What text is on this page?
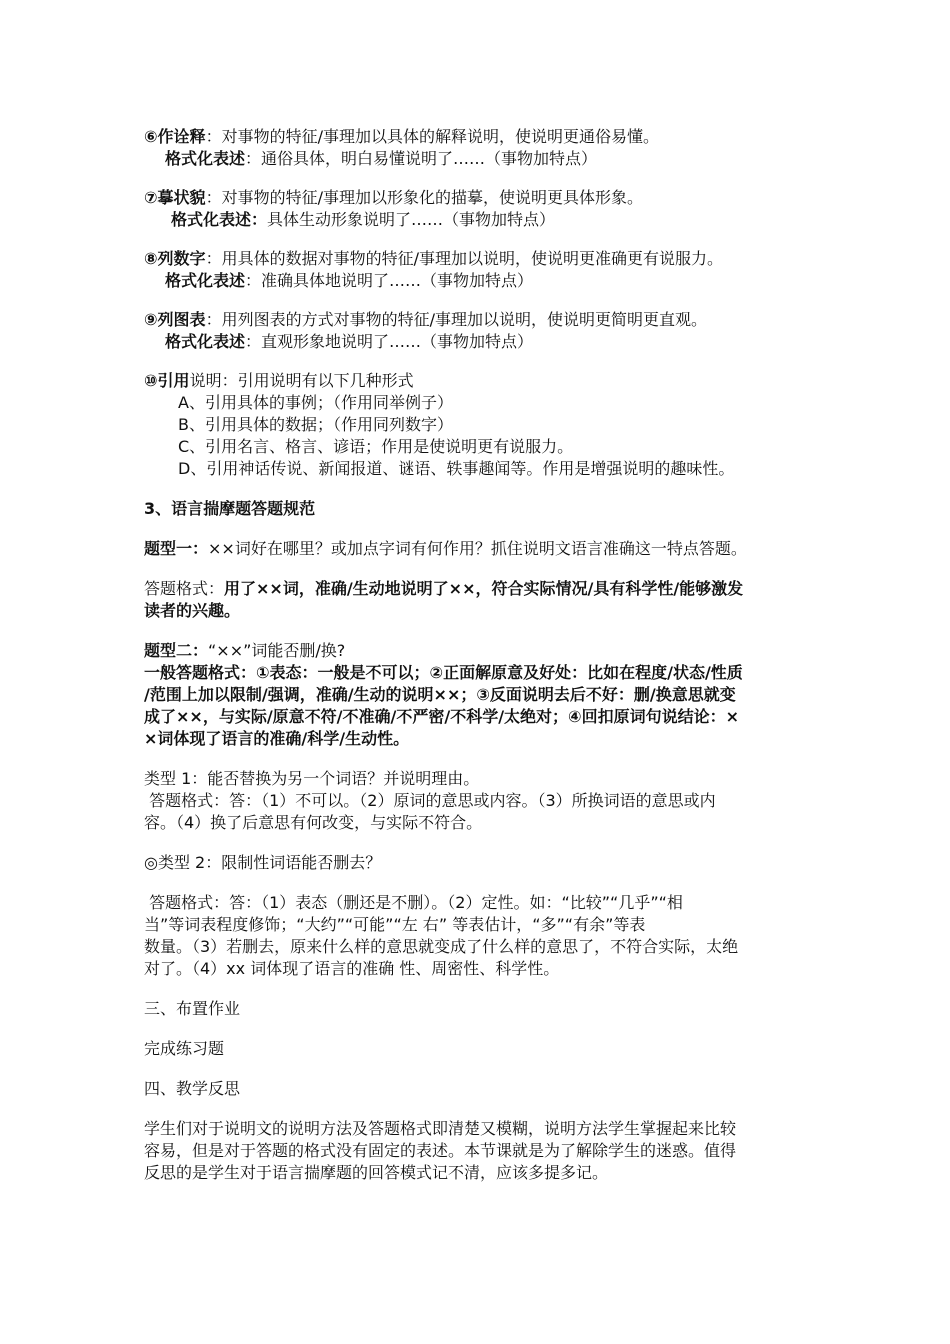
⑥作诠释：对事物的特征/事理加以具体的解释说明，使说明更通俗易懂。
格式化表述：通俗具体，明白易懂说明了……（事物加特点）
⑦摹状貌：对事物的特征/事理加以形象化的描摹，使说明更具体形象。
格式化表述：具体生动形象说明了……（事物加特点）
⑧列数字：用具体的数据对事物的特征/事理加以说明，使说明更准确更有说服力。
格式化表述：准确具体地说明了……（事物加特点）
⑨列图表：用列图表的方式对事物的特征/事理加以说明，使说明更简明更直观。
格式化表述：直观形象地说明了……（事物加特点）
⑩引用说明：引用说明有以下几种形式
A、引用具体的事例；（作用同举例子）
B、引用具体的数据；（作用同列数字）
C、引用名言、格言、谚语；作用是使说明更有说服力。
D、引用神话传说、新闻报道、谜语、轶事趣闻等。作用是增强说明的趣味性。
3、语言揣摩题答题规范
题型一：××词好在哪里？或加点字词有何作用？抓住说明文语言准确这一特点答题。
答题格式：用了××词，准确/生动地说明了××，符合实际情况/具有科学性/能够激发
读者的兴趣。
题型二：“××”词能否删/换?
一般答题格式：①表态：一般是不可以；②正面解原意及好处：比如在程度/状态/性质
/范围上加以限制/强调，准确/生动的说明××；③反面说明去后不好：删/换意思就变
成了××，与实际/原意不符/不准确/不严密/不科学/太绝对；④回扣原词句说结论：×
×词体现了语言的准确/科学/生动性。
类型 1：能否替换为另一个词语？并说明理由。
答题格式：答：（1）不可以。（2）原词的意思或内容。（3）所换词语的意思或内
容。（4）换了后意思有何改变，与实际不符合。
◎类型 2：限制性词语能否删去？
答题格式：答：（1）表态（删还是不删）。（2）定性。如：“比较”“几乎”“相
当”等词表程度修饰；“大约”“可能”“左 右” 等表估计，“多”“有余”等表
数量。（3）若删去，原来什么样的意思就变成了什么样的意思了，不符合实际，太绝
对了。（4）xx 词体现了语言的准确 性、周密性、科学性。
三、布置作业
完成练习题
四、教学反思
学生们对于说明文的说明方法及答题格式即清楚又模糊，说明方法学生掌握起来比较
容易，但是对于答题的格式没有固定的表述。本节课就是为了解除学生的迷惑。值得
反思的是学生对于语言揣摩题的回答模式记不清，应该多提多记。
